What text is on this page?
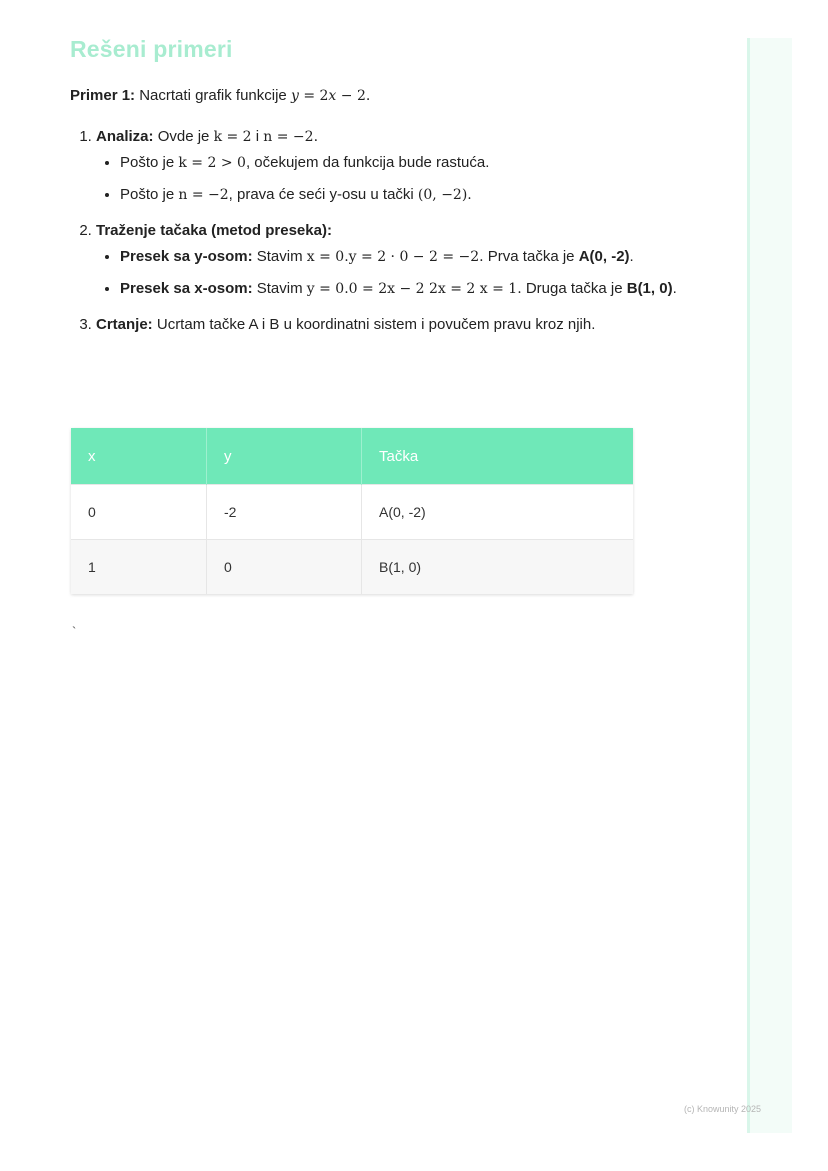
Rešeni primeri

Primer 1: Nacrtati grafik funkcije y = 2x − 2.

1. Analiza: Ovde je k = 2 i n = −2.
• Pošto je k = 2 > 0, očekujem da funkcija bude rastuća.
• Pošto je n = −2, prava će seći y-osu u tački (0, −2).
2. Traženje tačaka (metod preseka):
• Presek sa y-osom: Stavim x = 0.y = 2 · 0 − 2 = −2. Prva tačka je A(0, -2).
• Presek sa x-osom: Stavim y = 0.0 = 2x − 2 2x = 2 x = 1. Druga tačka je B(1, 0).
3. Crtanje: Ucrtam tačke A i B u koordinatni sistem i povučem pravu kroz njih.
x	y	Tačka
0	-2	A(0, -2)
1	0	B(1, 0)
`
(c) Knowunity 2025
